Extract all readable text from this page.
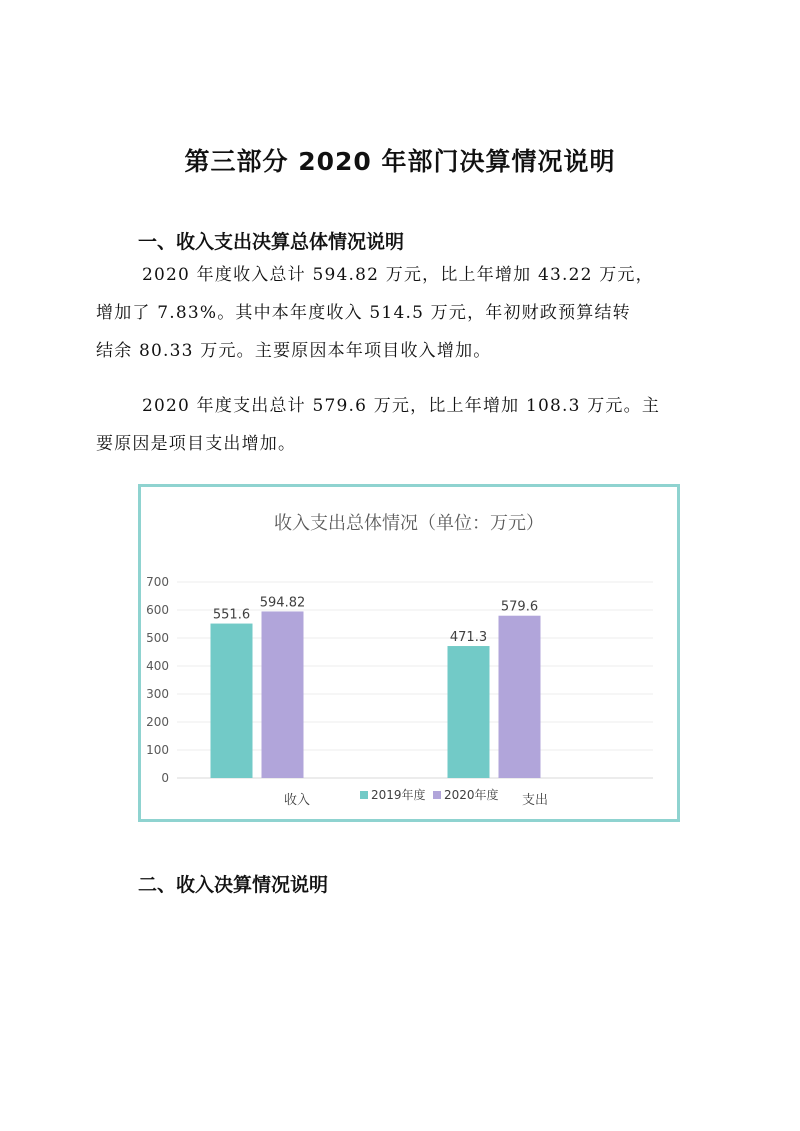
第三部分 2020 年部门决算情况说明
一、收入支出决算总体情况说明
2020 年度收入总计 594.82 万元，比上年增加 43.22 万元，
增加了 7.83%。其中本年度收入 514.5 万元，年初财政预算结转
结余 80.33 万元。主要原因本年项目收入增加。
2020 年度支出总计 579.6 万元，比上年增加 108.3 万元。主
要原因是项目支出增加。
收入支出总体情况（单位：万元）
0
100
200
300
400
500
600
700
551.6
594.82
471.3
579.6
收入	支出
2019年度 2020年度
二、收入决算情况说明
